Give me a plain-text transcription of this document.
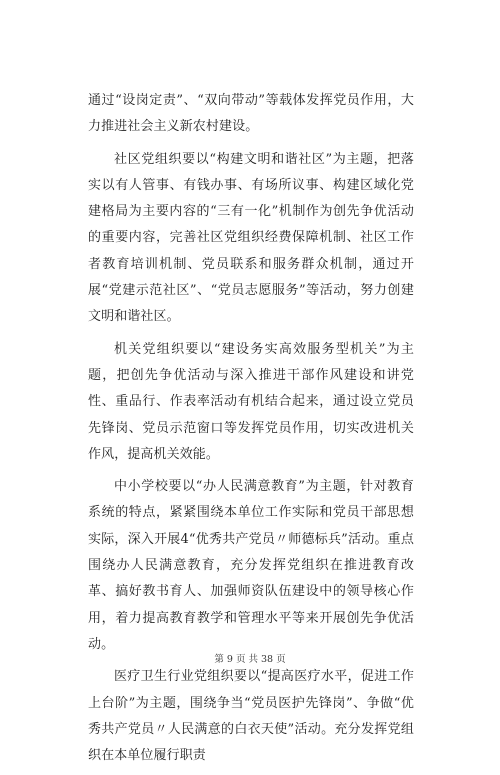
通过“设岗定责”、“双向带动”等载体发挥党员作用，大力推进社会主义新农村建设。

社区党组织要以“构建文明和谐社区”为主题，把落实以有人管事、有钱办事、有场所议事、构建区域化党建格局为主要内容的“三有一化”机制作为创先争优活动的重要内容，完善社区党组织经费保障机制、社区工作者教育培训机制、党员联系和服务群众机制，通过开展“党建示范社区”、“党员志愿服务”等活动，努力创建文明和谐社区。

机关党组织要以“建设务实高效服务型机关”为主题，把创先争优活动与深入推进干部作风建设和讲党性、重品行、作表率活动有机结合起来，通过设立党员先锋岗、党员示范窗口等发挥党员作用，切实改进机关作风，提高机关效能。

中小学校要以“办人民满意教育”为主题，针对教育系统的特点，紧紧围绕本单位工作实际和党员干部思想实际，深入开展4“优秀共产党员〃师德标兵”活动。重点围绕办人民满意教育，充分发挥党组织在推进教育改革、搞好教书育人、加强师资队伍建设中的领导核心作用，着力提高教育教学和管理水平等来开展创先争优活动。

医疗卫生行业党组织要以“提高医疗水平，促进工作上台阶”为主题，围绕争当“党员医护先锋岗”、争做“优秀共产党员〃人民满意的白衣天使”活动。充分发挥党组织在本单位履行职责

第 9 页 共 38 页
